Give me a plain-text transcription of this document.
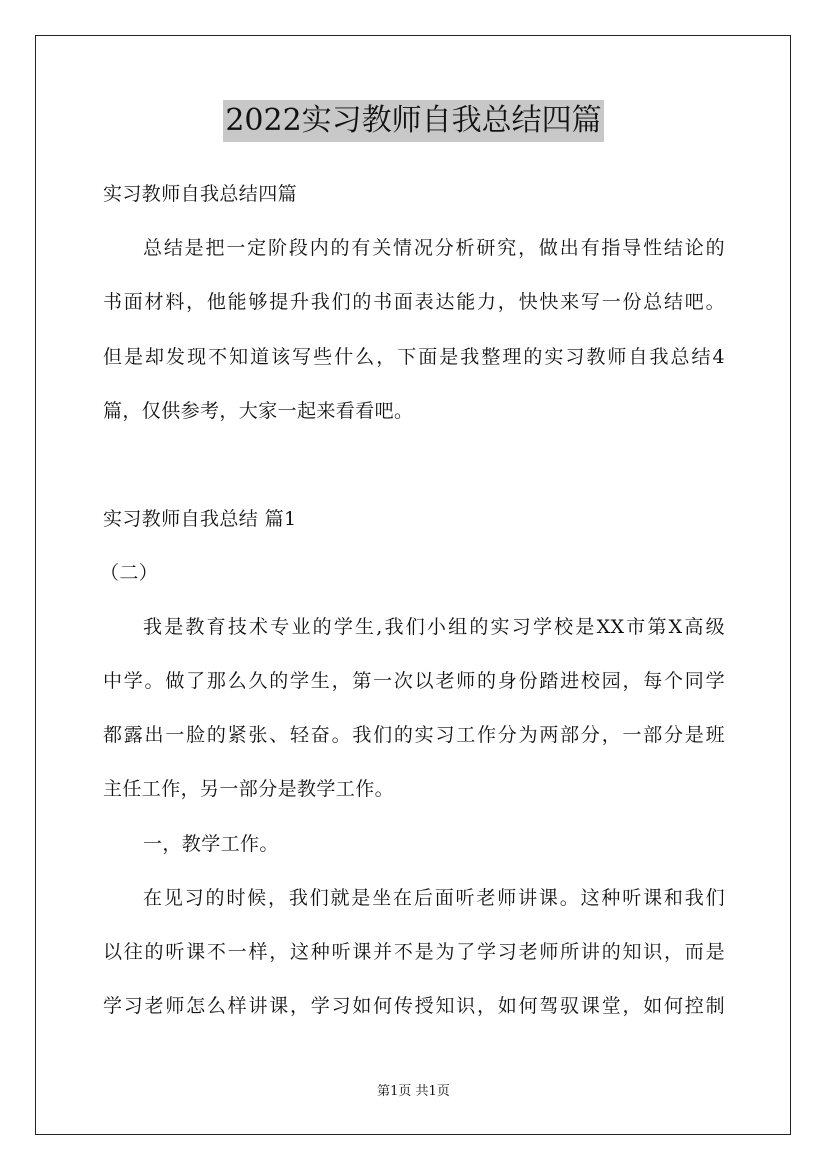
2022实习教师自我总结四篇
实习教师自我总结四篇
总结是把一定阶段内的有关情况分析研究，做出有指导性结论的
书面材料，他能够提升我们的书面表达能力，快快来写一份总结吧。
但是却发现不知道该写些什么，下面是我整理的实习教师自我总结4
篇，仅供参考，大家一起来看看吧。
实习教师自我总结 篇1
（二）
我是教育技术专业的学生,我们小组的实习学校是XX市第X高级
中学。做了那么久的学生，第一次以老师的身份踏进校园，每个同学
都露出一脸的紧张、轻奋。我们的实习工作分为两部分，一部分是班
主任工作，另一部分是教学工作。
一，教学工作。
在见习的时候，我们就是坐在后面听老师讲课。这种听课和我们
以往的听课不一样，这种听课并不是为了学习老师所讲的知识，而是
学习老师怎么样讲课，学习如何传授知识，如何驾驭课堂，如何控制
第1页 共1页
